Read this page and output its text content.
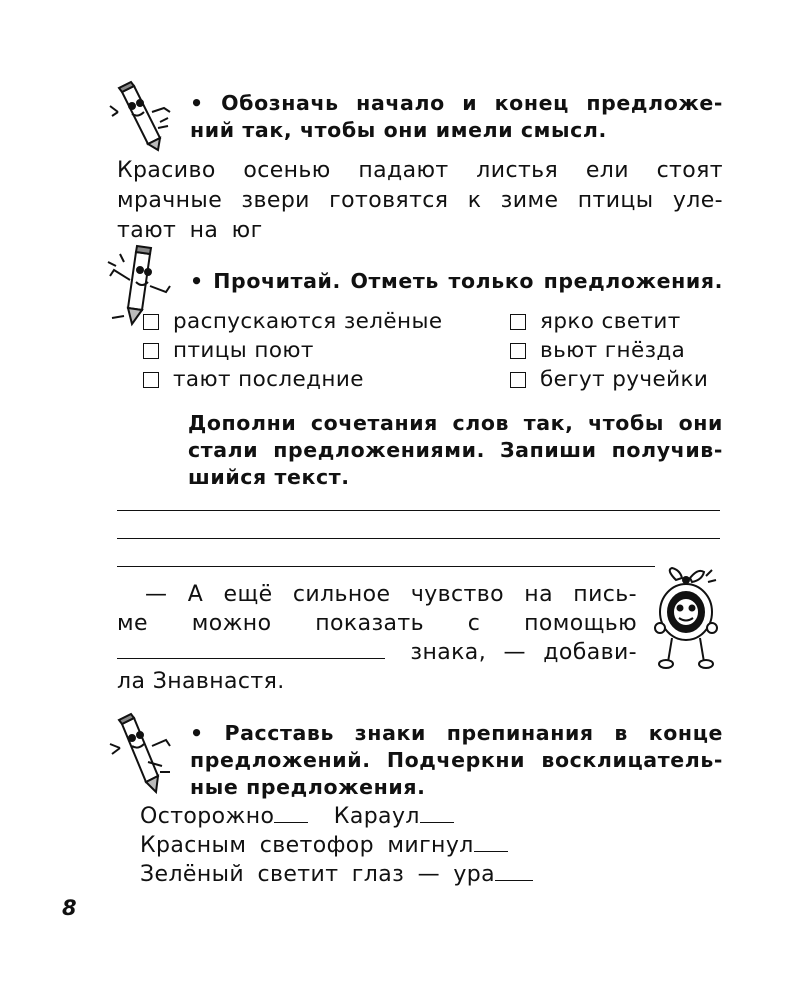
• Обозначь начало и конец предложе-
ний так, чтобы они имели смысл.
Красиво осенью падают листья ели стоят
мрачные звери готовятся к зиме птицы уле-
тают на юг
• Прочитай. Отметь только предложения.
распускаются зелёные	ярко светит
птицы поют	вьют гнёзда
тают последние	бегут ручейки
Дополни сочетания слов так, чтобы они
стали предложениями. Запиши получив-
шийся текст.
— А ещё сильное чувство на пись-
ме можно показать с помощью
знака, — добави-
ла Знавнастя.
• Расставь знаки препинания в конце
предложений. Подчеркни восклицатель-
ные предложения.
Осторожно	Караул
Красным светофор мигнул
Зелёный светит глаз — ура
8
